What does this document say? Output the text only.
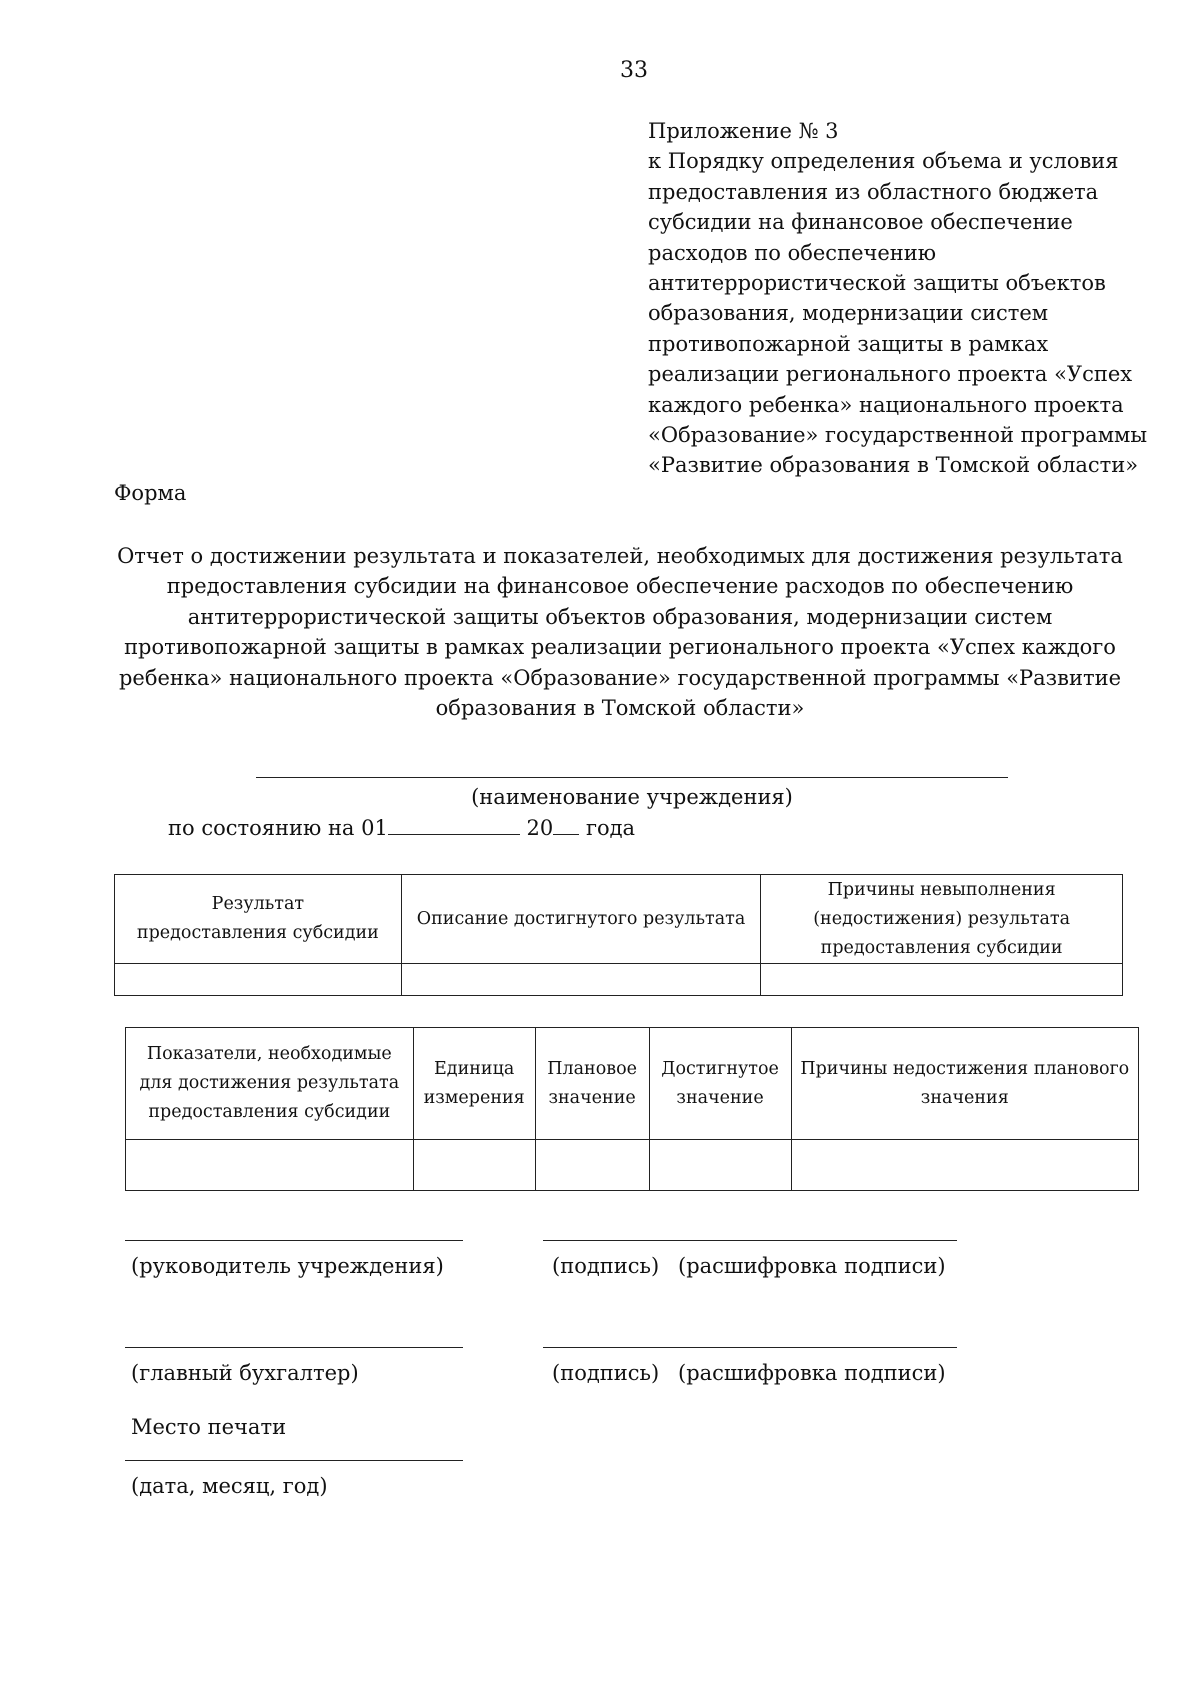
33
Приложение № 3
к Порядку определения объема и условия
предоставления из областного бюджета
субсидии на финансовое обеспечение
расходов по обеспечению
антитеррористической защиты объектов
образования, модернизации систем
противопожарной защиты в рамках
реализации регионального проекта «Успех
каждого ребенка» национального проекта
«Образование» государственной программы
«Развитие образования в Томской области»
Форма
Отчет о достижении результата и показателей, необходимых для достижения результата
предоставления субсидии на финансовое обеспечение расходов по обеспечению
антитеррористической защиты объектов образования, модернизации систем
противопожарной защиты в рамках реализации регионального проекта «Успех каждого
ребенка» национального проекта «Образование» государственной программы «Развитие
образования в Томской области»
(наименование учреждения)
по состоянию на 01	20 года
Результат предоставления субсидии	Описание достигнутого результата	Причины невыполнения (недостижения) результата предоставления субсидии

Показатели, необходимые для достижения результата предоставления субсидии	Единица измерения	Плановое значение	Достигнутое значение	Причины недостижения планового значения

(руководитель учреждения)	(подпись) (расшифровка подписи)
(главный бухгалтер)	(подпись) (расшифровка подписи)
Место печати
(дата, месяц, год)
